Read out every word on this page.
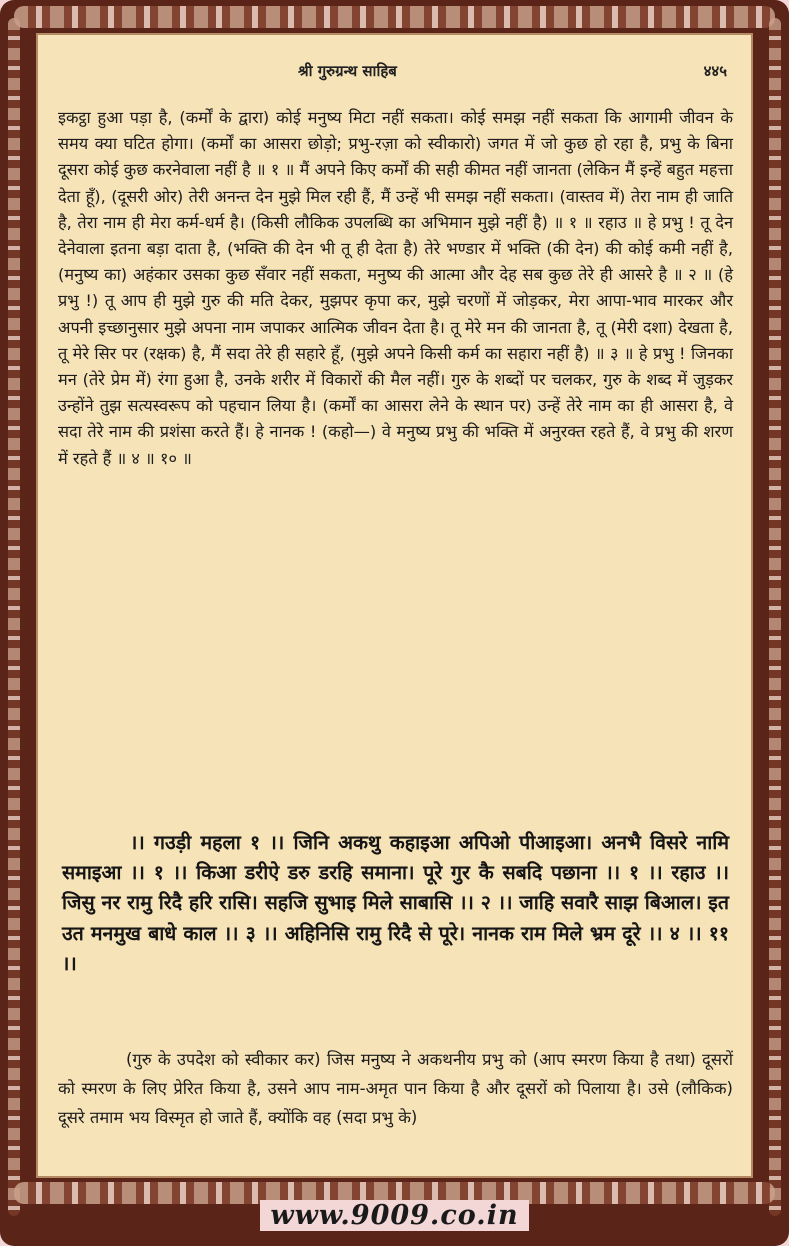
श्री गुरुग्रन्थ साहिब	४४५
इकट्ठा हुआ पड़ा है, (कर्मों के द्वारा) कोई मनुष्य मिटा नहीं सकता। कोई समझ नहीं सकता कि आगामी जीवन के समय क्या घटित होगा। (कर्मों का आसरा छोड़ो; प्रभु-रज़ा को स्वीकारो) जगत में जो कुछ हो रहा है, प्रभु के बिना दूसरा कोई कुछ करनेवाला नहीं है ॥ १ ॥ मैं अपने किए कर्मों की सही कीमत नहीं जानता (लेकिन मैं इन्हें बहुत महत्ता देता हूँ), (दूसरी ओर) तेरी अनन्त देन मुझे मिल रही हैं, मैं उन्हें भी समझ नहीं सकता। (वास्तव में) तेरा नाम ही जाति है, तेरा नाम ही मेरा कर्म-धर्म है। (किसी लौकिक उपलब्धि का अभिमान मुझे नहीं है) ॥ १ ॥ रहाउ ॥ हे प्रभु ! तू देन देनेवाला इतना बड़ा दाता है, (भक्ति की देन भी तू ही देता है) तेरे भण्डार में भक्ति (की देन) की कोई कमी नहीं है, (मनुष्य का) अहंकार उसका कुछ सँवार नहीं सकता, मनुष्य की आत्मा और देह सब कुछ तेरे ही आसरे है ॥ २ ॥ (हे प्रभु !) तू आप ही मुझे गुरु की मति देकर, मुझपर कृपा कर, मुझे चरणों में जोड़कर, मेरा आपा-भाव मारकर और अपनी इच्छानुसार मुझे अपना नाम जपाकर आत्मिक जीवन देता है। तू मेरे मन की जानता है, तू (मेरी दशा) देखता है, तू मेरे सिर पर (रक्षक) है, मैं सदा तेरे ही सहारे हूँ, (मुझे अपने किसी कर्म का सहारा नहीं है) ॥ ३ ॥ हे प्रभु ! जिनका मन (तेरे प्रेम में) रंगा हुआ है, उनके शरीर में विकारों की मैल नहीं। गुरु के शब्दों पर चलकर, गुरु के शब्द में जुड़कर उन्होंने तुझ सत्यस्वरूप को पहचान लिया है। (कर्मों का आसरा लेने के स्थान पर) उन्हें तेरे नाम का ही आसरा है, वे सदा तेरे नाम की प्रशंसा करते हैं। हे नानक ! (कहो—) वे मनुष्य प्रभु की भक्ति में अनुरक्त रहते हैं, वे प्रभु की शरण में रहते हैं ॥ ४ ॥ १० ॥
।। गउड़ी महला १ ।। जिनि अकथु कहाइआ अपिओ पीआइआ। अनभै विसरे नामि समाइआ ।। १ ।। किआ डरीऐ डरु डरहि समाना। पूरे गुर कै सबदि पछाना ।। १ ।। रहाउ ।। जिसु नर रामु रिदै हरि रासि। सहजि सुभाइ मिले साबासि ।। २ ।। जाहि सवारै साझ बिआल। इत उत मनमुख बाधे काल ।। ३ ।। अहिनिसि रामु रिदै से पूरे। नानक राम मिले भ्रम दूरे ।। ४ ।। ११ ।।
(गुरु के उपदेश को स्वीकार कर) जिस मनुष्य ने अकथनीय प्रभु को (आप स्मरण किया है तथा) दूसरों को स्मरण के लिए प्रेरित किया है, उसने आप नाम-अमृत पान किया है और दूसरों को पिलाया है। उसे (लौकिक) दूसरे तमाम भय विस्मृत हो जाते हैं, क्योंकि वह (सदा प्रभु के)
www.9009.co.in
